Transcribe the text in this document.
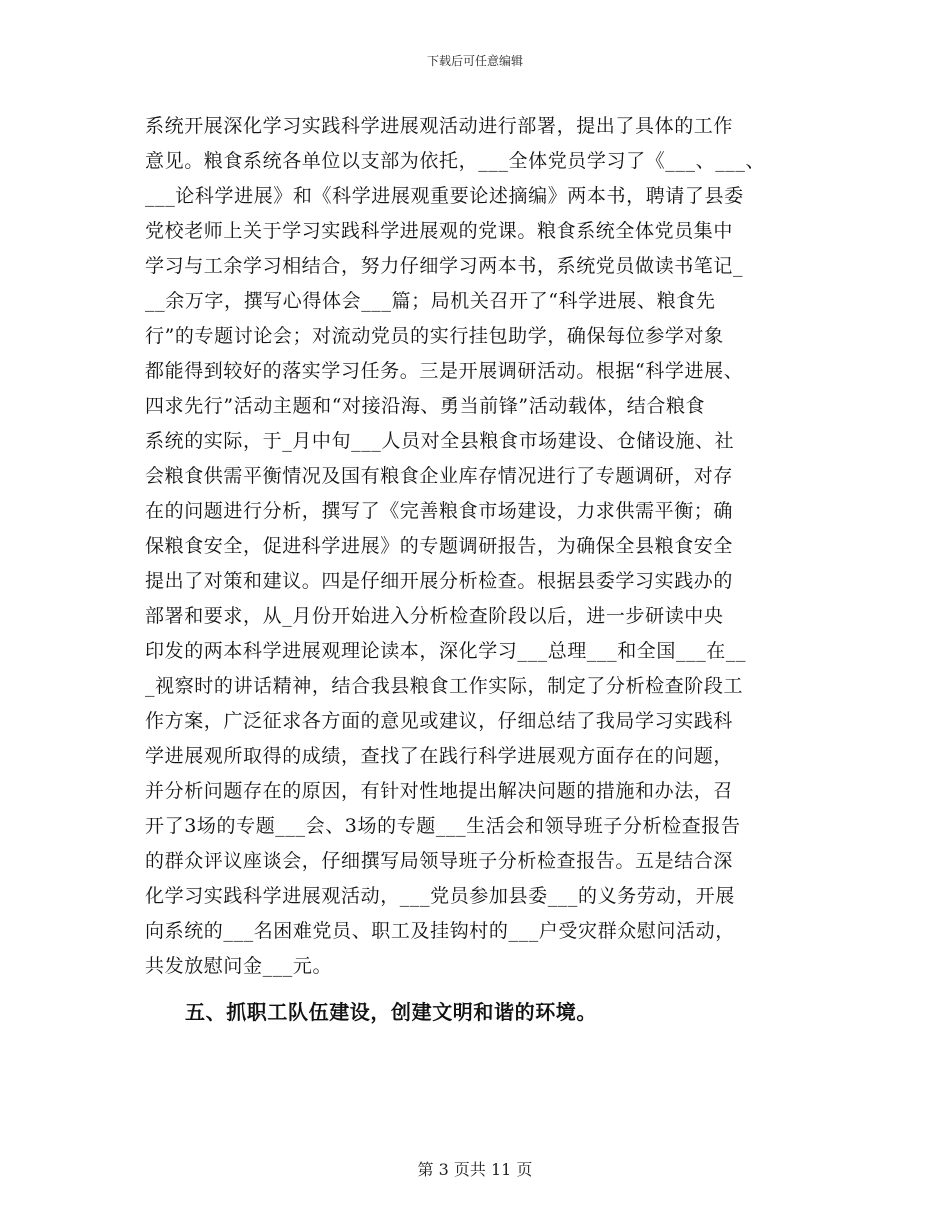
下载后可任意编辑
系统开展深化学习实践科学进展观活动进行部署，提出了具体的工作
意见。粮食系统各单位以支部为依托，___全体党员学习了《___、___、
___论科学进展》和《科学进展观重要论述摘编》两本书，聘请了县委
党校老师上关于学习实践科学进展观的党课。粮食系统全体党员集中
学习与工余学习相结合，努力仔细学习两本书，系统党员做读书笔记_
__余万字，撰写心得体会___篇；局机关召开了“科学进展、粮食先
行”的专题讨论会；对流动党员的实行挂包助学，确保每位参学对象
都能得到较好的落实学习任务。三是开展调研活动。根据“科学进展、
四求先行”活动主题和“对接沿海、勇当前锋”活动载体，结合粮食
系统的实际，于_月中旬___人员对全县粮食市场建设、仓储设施、社
会粮食供需平衡情况及国有粮食企业库存情况进行了专题调研，对存
在的问题进行分析，撰写了《完善粮食市场建设，力求供需平衡；确
保粮食安全，促进科学进展》的专题调研报告，为确保全县粮食安全
提出了对策和建议。四是仔细开展分析检查。根据县委学习实践办的
部署和要求，从_月份开始进入分析检查阶段以后，进一步研读中央
印发的两本科学进展观理论读本，深化学习___总理___和全国___在__
_视察时的讲话精神，结合我县粮食工作实际，制定了分析检查阶段工
作方案，广泛征求各方面的意见或建议，仔细总结了我局学习实践科
学进展观所取得的成绩，查找了在践行科学进展观方面存在的问题，
并分析问题存在的原因，有针对性地提出解决问题的措施和办法，召
开了3场的专题___会、3场的专题___生活会和领导班子分析检查报告
的群众评议座谈会，仔细撰写局领导班子分析检查报告。五是结合深
化学习实践科学进展观活动，___党员参加县委___的义务劳动，开展
向系统的___名困难党员、职工及挂钩村的___户受灾群众慰问活动，
共发放慰问金___元。
五、抓职工队伍建设，创建文明和谐的环境。
第 3 页共 11 页
